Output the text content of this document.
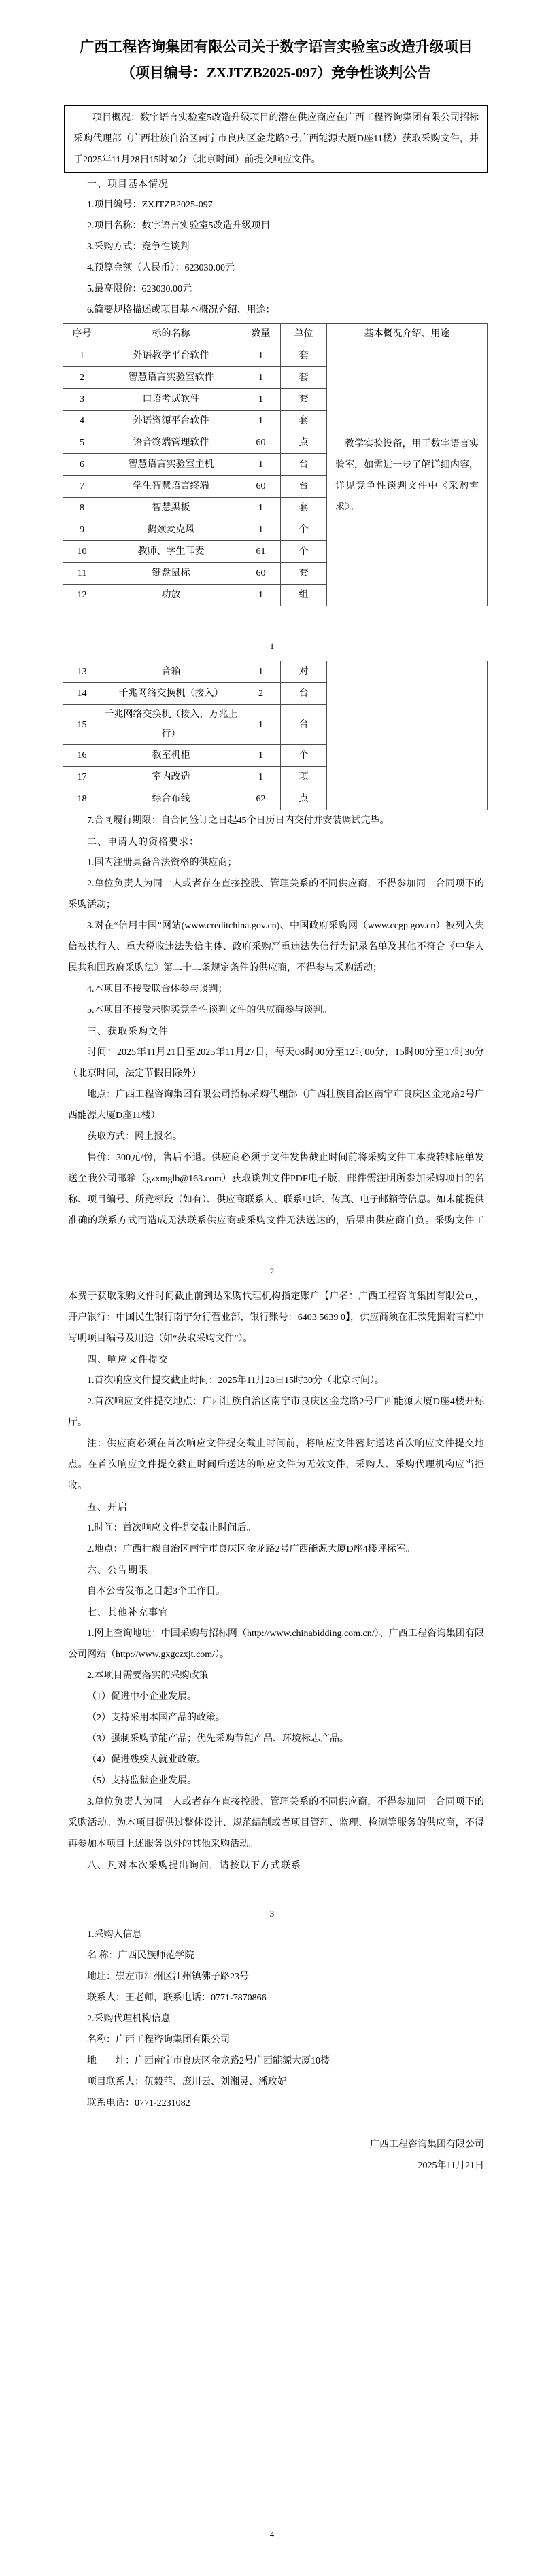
广西工程咨询集团有限公司关于数字语言实验室5改造升级项目
（项目编号：ZXJTZB2025-097）竞争性谈判公告
项目概况：数字语言实验室5改造升级项目的潜在供应商应在广西工程咨询集团有限公司招标采购代理部（广西壮族自治区南宁市良庆区金龙路2号广西能源大厦D座11楼）获取采购文件，并于2025年11月28日15时30分（北京时间）前提交响应文件。

一、项目基本情况

1.项目编号：ZXJTZB2025-097

2.项目名称：数字语言实验室5改造升级项目

3.采购方式：竞争性谈判

4.预算金额（人民币）：623030.00元

5.最高限价：623030.00元

6.简要规格描述或项目基本概况介绍、用途：

序号	标的名称	数量	单位	基本概况介绍、用途
1	外语教学平台软件	1	套	教学实验设备，用于数字语言实验室，如需进一步了解详细内容，详见竞争性谈判文件中《采购需求》。
2	智慧语言实验室软件	1	套	
3	口语考试软件	1	套	
4	外语资源平台软件	1	套	
5	语音终端管理软件	60	点	
6	智慧语言实验室主机	1	台	
7	学生智慧语言终端	60	台	
8	智慧黑板	1	套	
9	鹅颈麦克风	1	个	
10	教师、学生耳麦	61	个	
11	键盘鼠标	60	套	
12	功放	1	组	
1
13	音箱	1	对	
14	千兆网络交换机（接入）	2	台	
15	千兆网络交换机（接入，万兆上行）	1	台	
16	教室机柜	1	个	
17	室内改造	1	项	
18	综合布线	62	点	

7.合同履行期限：自合同签订之日起45个日历日内交付并安装调试完毕。

二、申请人的资格要求：

1.国内注册具备合法资格的供应商；

2.单位负责人为同一人或者存在直接控股、管理关系的不同供应商，不得参加同一合同项下的采购活动；

3.对在“信用中国”网站(www.creditchina.gov.cn)、中国政府采购网（www.ccgp.gov.cn）被列入失信被执行人、重大税收违法失信主体、政府采购严重违法失信行为记录名单及其他不符合《中华人民共和国政府采购法》第二十二条规定条件的供应商，不得参与采购活动；

4.本项目不接受联合体参与谈判；

5.本项目不接受未购买竞争性谈判文件的供应商参与谈判。

三、获取采购文件

时间：2025年11月21日至2025年11月27日，每天08时00分至12时00分，15时00分至17时30分（北京时间，法定节假日除外）

地点：广西工程咨询集团有限公司招标采购代理部（广西壮族自治区南宁市良庆区金龙路2号广西能源大厦D座11楼）

获取方式：网上报名。

售价：300元/份，售后不退。供应商必须于文件发售截止时间前将采购文件工本费转账底单发送至我公司邮箱（gzxmglb@163.com）获取谈判文件PDF电子版，邮件需注明所参加采购项目的名称、项目编号、所竞标段（如有）、供应商联系人、联系电话、传真、电子邮箱等信息。如未能提供准确的联系方式而造成无法联系供应商或采购文件无法送达的，后果由供应商自负。采购文件工

2

本费于获取采购文件时间截止前到达采购代理机构指定账户【户名：广西工程咨询集团有限公司，开户银行：中国民生银行南宁分行营业部，银行账号：6403 5639 0】，供应商须在汇款凭据附言栏中写明项目编号及用途（如“获取采购文件”）。

四、响应文件提交

1.首次响应文件提交截止时间：2025年11月28日15时30分（北京时间）。

2.首次响应文件提交地点：广西壮族自治区南宁市良庆区金龙路2号广西能源大厦D座4楼开标厅。

注：供应商必须在首次响应文件提交截止时间前，将响应文件密封送达首次响应文件提交地点。在首次响应文件提交截止时间后送达的响应文件为无效文件，采购人、采购代理机构应当拒收。

五、开启

1.时间：首次响应文件提交截止时间后。

2.地点：广西壮族自治区南宁市良庆区金龙路2号广西能源大厦D座4楼评标室。

六、公告期限

自本公告发布之日起3个工作日。

七、其他补充事宜

1.网上查询地址：中国采购与招标网（http://www.chinabidding.com.cn/）、广西工程咨询集团有限公司网站（http://www.gxgczxjt.com/）。

2.本项目需要落实的采购政策

（1）促进中小企业发展。

（2）支持采用本国产品的政策。

（3）强制采购节能产品；优先采购节能产品、环境标志产品。

（4）促进残疾人就业政策。

（5）支持监狱企业发展。

3.单位负责人为同一人或者存在直接控股、管理关系的不同供应商，不得参加同一合同项下的采购活动。为本项目提供过整体设计、规范编制或者项目管理、监理、检测等服务的供应商，不得再参加本项目上述服务以外的其他采购活动。

八、凡对本次采购提出询问，请按以下方式联系

3

1.采购人信息

名 称：广西民族师范学院

地址：崇左市江州区江州镇佛子路23号

联系人：王老师，联系电话：0771-7870866

2.采购代理机构信息

名称：广西工程咨询集团有限公司

地　　址：广西南宁市良庆区金龙路2号广西能源大厦10楼

项目联系人：伍毅菲、庞川云、刘湘灵、潘玫妃

联系电话：0771-2231082

广西工程咨询集团有限公司

2025年11月21日

4
